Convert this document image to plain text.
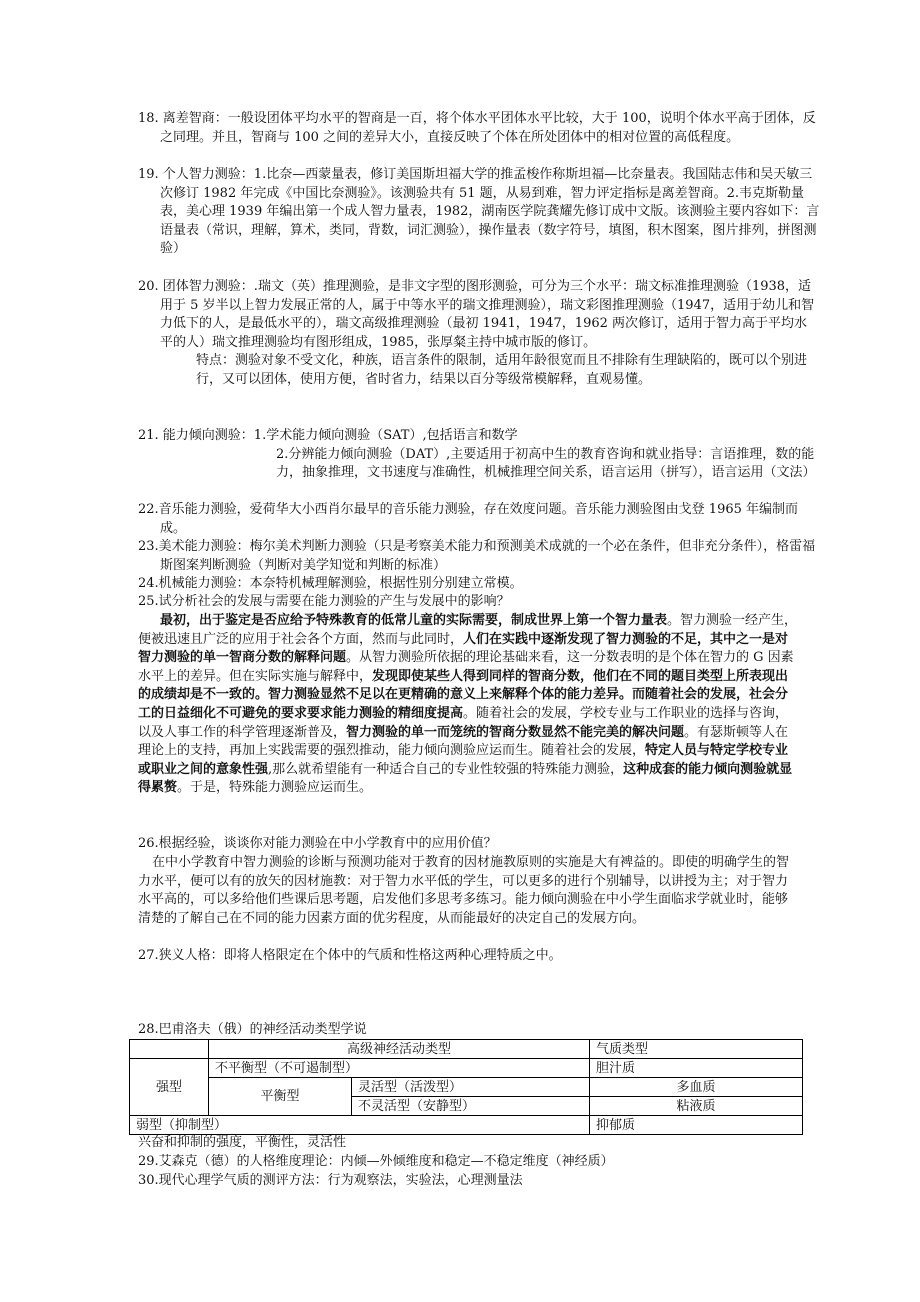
18. 离差智商：一般设团体平均水平的智商是一百，将个体水平团体水平比较，大于 100，说明个体水平高于团体，反之同理。并且，智商与 100 之间的差异大小，直接反映了个体在所处团体中的相对位置的高低程度。
19. 个人智力测验：1.比奈—西蒙量表，修订美国斯坦福大学的推孟梭作称斯坦福—比奈量表。我国陆志伟和吴天敏三次修订 1982 年完成《中国比奈测验》。该测验共有 51 题，从易到难，智力评定指标是离差智商。2.韦克斯勒量表，美心理 1939 年编出第一个成人智力量表，1982，湖南医学院龚耀先修订成中文版。该测验主要内容如下：言语量表（常识，理解，算术，类同，背数，词汇测验），操作量表（数字符号，填图，积木图案，图片排列，拼图测验）
20. 团体智力测验：.瑞文（英）推理测验，是非文字型的图形测验，可分为三个水平：瑞文标准推理测验（1938，适用于 5 岁半以上智力发展正常的人，属于中等水平的瑞文推理测验），瑞文彩图推理测验（1947，适用于幼儿和智力低下的人，是最低水平的），瑞文高级推理测验（最初 1941，1947，1962 两次修订，适用于智力高于平均水平的人）瑞文推理测验均有图形组成，1985，张厚粲主持中城市版的修订。
特点：测验对象不受文化，种族，语言条件的限制，适用年龄很宽而且不排除有生理缺陷的，既可以个别进行，又可以团体，使用方便，省时省力，结果以百分等级常模解释，直观易懂。
21. 能力倾向测验：1.学术能力倾向测验（SAT）,包括语言和数学
2.分辨能力倾向测验（DAT）,主要适用于初高中生的教育咨询和就业指导：言语推理，数的能力，抽象推理，文书速度与准确性，机械推理空间关系，语言运用（拼写），语言运用（文法）
22.音乐能力测验，爱荷华大小西肖尔最早的音乐能力测验，存在效度问题。音乐能力测验图由戈登 1965 年编制而成。
23.美术能力测验：梅尔美术判断力测验（只是考察美术能力和预测美术成就的一个必在条件，但非充分条件），格雷福斯图案判断测验（判断对美学知觉和判断的标准）
24.机械能力测验：本奈特机械理解测验，根据性别分别建立常模。
25.试分析社会的发展与需要在能力测验的产生与发展中的影响？
最初，出于鉴定是否应给予特殊教育的低常儿童的实际需要，制成世界上第一个智力量表。智力测验一经产生，便被迅速且广泛的应用于社会各个方面，然而与此同时，人们在实践中逐渐发现了智力测验的不足，其中之一是对智力测验的单一智商分数的解释问题。从智力测验所依据的理论基础来看，这一分数表明的是个体在智力的 G 因素水平上的差异。但在实际实施与解释中，发现即使某些人得到同样的智商分数，他们在不同的题目类型上所表现出的成绩却是不一致的。智力测验显然不足以在更精确的意义上来解释个体的能力差异。而随着社会的发展，社会分工的日益细化不可避免的要求要求能力测验的精细度提高。随着社会的发展，学校专业与工作职业的选择与咨询，以及人事工作的科学管理逐渐普及，智力测验的单一而笼统的智商分数显然不能完美的解决问题。有瑟斯顿等人在理论上的支持，再加上实践需要的强烈推动，能力倾向测验应运而生。随着社会的发展，特定人员与特定学校专业或职业之间的意象性强,那么就希望能有一种适合自己的专业性较强的特殊能力测验，这种成套的能力倾向测验就显得累赘。于是，特殊能力测验应运而生。
26.根据经验，谈谈你对能力测验在中小学教育中的应用价值？
在中小学教育中智力测验的诊断与预测功能对于教育的因材施教原则的实施是大有裨益的。即使的明确学生的智力水平，便可以有的放矢的因材施教：对于智力水平低的学生，可以更多的进行个别辅导，以讲授为主；对于智力水平高的，可以多给他们些课后思考题，启发他们多思考多练习。能力倾向测验在中小学生面临求学就业时，能够清楚的了解自己在不同的能力因素方面的优劣程度，从而能最好的决定自己的发展方向。
27.狭义人格：即将人格限定在个体中的气质和性格这两种心理特质之中。
28.巴甫洛夫（俄）的神经活动类型学说
	高级神经活动类型		气质类型
强型	不平衡型（不可遏制型）		胆汁质
	平衡型	灵活型（活泼型）	多血质
		不灵活型（安静型）	粘液质
弱型（抑制型）			抑郁质
兴奋和抑制的强度，平衡性，灵活性
29.艾森克（德）的人格维度理论：内倾—外倾维度和稳定—不稳定维度（神经质）
30.现代心理学气质的测评方法：行为观察法，实验法，心理测量法
